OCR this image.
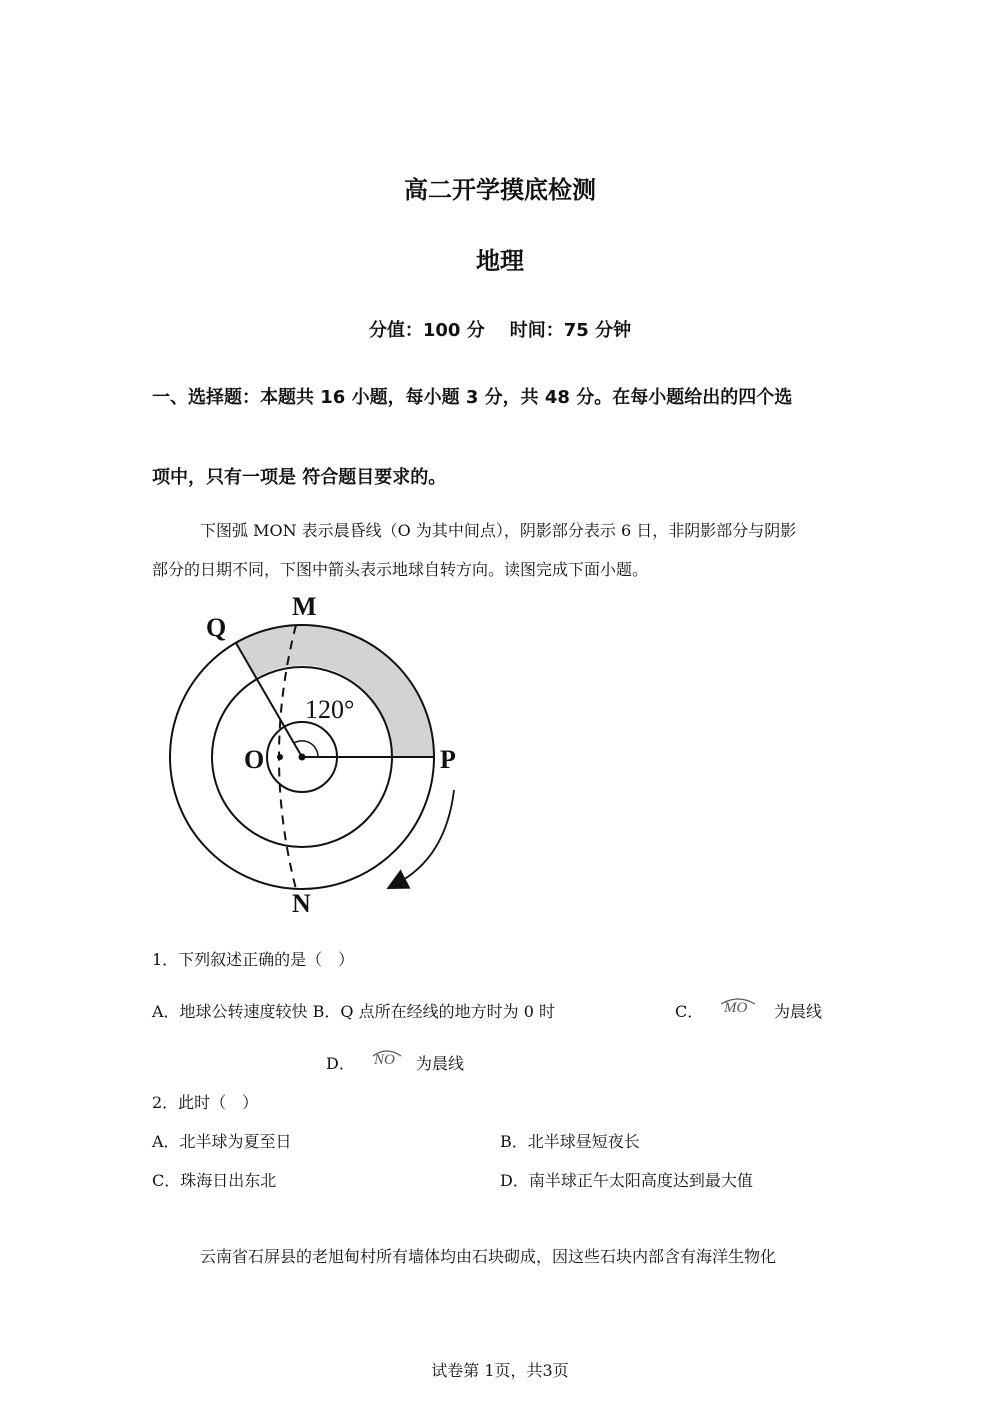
高二开学摸底检测
地理
分值：100 分    时间：75 分钟
一、选择题：本题共 16 小题，每小题 3 分，共 48 分。在每小题给出的四个选
项中，只有一项是 符合题目要求的。
下图弧 MON 表示晨昏线（O 为其中间点），阴影部分表示 6 日，非阴影部分与阴影
部分的日期不同，下图中箭头表示地球自转方向。读图完成下面小题。
Q
M
O	P
N
120°
1．下列叙述正确的是（　）
A．地球公转速度较快 B．Q 点所在经线的地方时为 0 时	C． MO 为晨线
D． NO 为晨线
2．此时（　）
A．北半球为夏至日	B．北半球昼短夜长
C．珠海日出东北	D．南半球正午太阳高度达到最大值
云南省石屏县的老旭甸村所有墙体均由石块砌成，因这些石块内部含有海洋生物化
试卷第 1页，共3页
